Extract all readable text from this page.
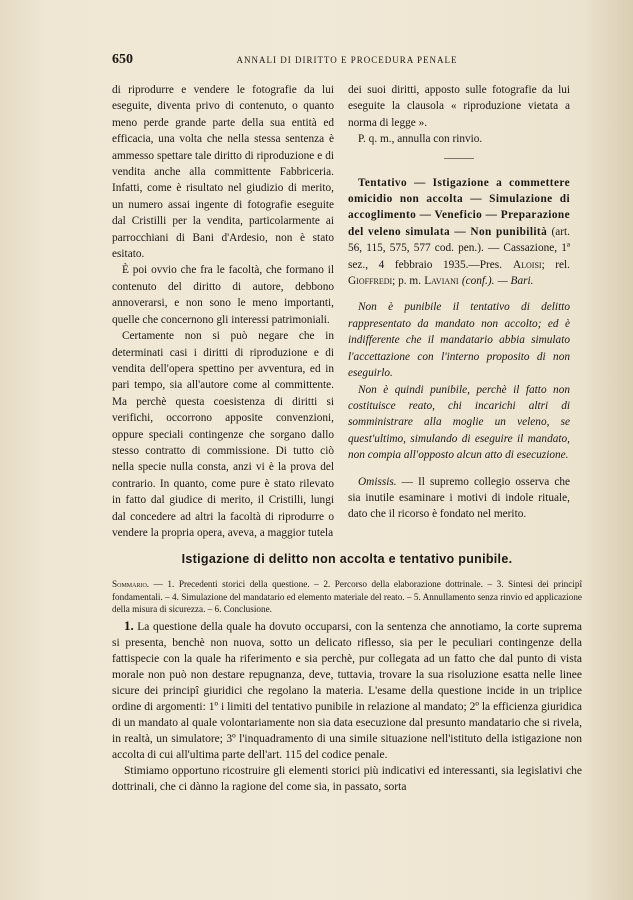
650	ANNALI DI DIRITTO E PROCEDURA PENALE

di riprodurre e vendere le fotografie da lui eseguite, diventa privo di contenuto, o quanto meno perde grande parte della sua entità ed efficacia, una volta che nella stessa sentenza è ammesso spettare tale diritto di riproduzione e di vendita anche alla committente Fabbriceria. Infatti, come è risultato nel giudizio di merito, un numero assai ingente di fotografie eseguite dal Cristilli per la vendita, particolarmente ai parrocchiani di Bani d'Ardesio, non è stato esitato.

È poi ovvio che fra le facoltà, che formano il contenuto del diritto di autore, debbono annoverarsi, e non sono le meno importanti, quelle che concernono gli interessi patrimoniali.

Certamente non si può negare che in determinati casi i diritti di riproduzione e di vendita dell'opera spettino per avventura, ed in pari tempo, sia all'autore come al committente. Ma perchè questa coesistenza di diritti si verifichi, occorrono apposite convenzioni, oppure speciali contingenze che sorgano dallo stesso contratto di commissione. Di tutto ciò nella specie nulla consta, anzi vi è la prova del contrario. In quanto, come pure è stato rilevato in fatto dal giudice di merito, il Cristilli, lungi dal concedere ad altri la facoltà di riprodurre o vendere la propria opera, aveva, a maggior tutela

dei suoi diritti, apposto sulle fotografie da lui eseguite la clausola « riproduzione vietata a norma di legge ».

P. q. m., annulla con rinvio.

Tentativo — Istigazione a commettere omicidio non accolta — Simulazione di accoglimento — Veneficio — Preparazione del veleno simulata — Non punibilità (art. 56, 115, 575, 577 cod. pen.). — Cassazione, 1ª sez., 4 febbraio 1935.—Pres. Aloisi; rel. Gioffredi; p. m. Laviani (conf.). — Bari.

Non è punibile il tentativo di delitto rappresentato da mandato non accolto; ed è indifferente che il mandatario abbia simulato l'accettazione con l'interno proposito di non eseguirlo.

Non è quindi punibile, perchè il fatto non costituisce reato, chi incarichi altri di somministrare alla moglie un veleno, se quest'ultimo, simulando di eseguire il mandato, non compia all'opposto alcun atto di esecuzione.

Omissis. — Il supremo collegio osserva che sia inutile esaminare i motivi di indole rituale, dato che il ricorso è fondato nel merito.

Istigazione di delitto non accolta e tentativo punibile.
Sommario. — 1. Precedenti storici della questione. – 2. Percorso della elaborazione dottrinale. – 3. Sintesi dei principî fondamentali. – 4. Simulazione del mandatario ed elemento materiale del reato. – 5. Annullamento senza rinvio ed applicazione della misura di sicurezza. – 6. Conclusione.

1. La questione della quale ha dovuto occuparsi, con la sentenza che annotiamo, la corte suprema si presenta, benchè non nuova, sotto un delicato riflesso, sia per le peculiari contingenze della fattispecie con la quale ha riferimento e sia perchè, pur collegata ad un fatto che dal punto di vista morale non può non destare repugnanza, deve, tuttavia, trovare la sua risoluzione esatta nelle linee sicure dei principî giuridici che regolano la materia. L'esame della questione incide in un triplice ordine di argomenti: 1º i limiti del tentativo punibile in relazione al mandato; 2º la efficienza giuridica di un mandato al quale volontariamente non sia data esecuzione dal presunto mandatario che si rivela, in realtà, un simulatore; 3º l'inquadramento di una simile situazione nell'istituto della istigazione non accolta di cui all'ultima parte dell'art. 115 del codice penale.

Stimiamo opportuno ricostruire gli elementi storici più indicativi ed interessanti, sia legislativi che dottrinali, che ci dànno la ragione del come sia, in passato, sorta
